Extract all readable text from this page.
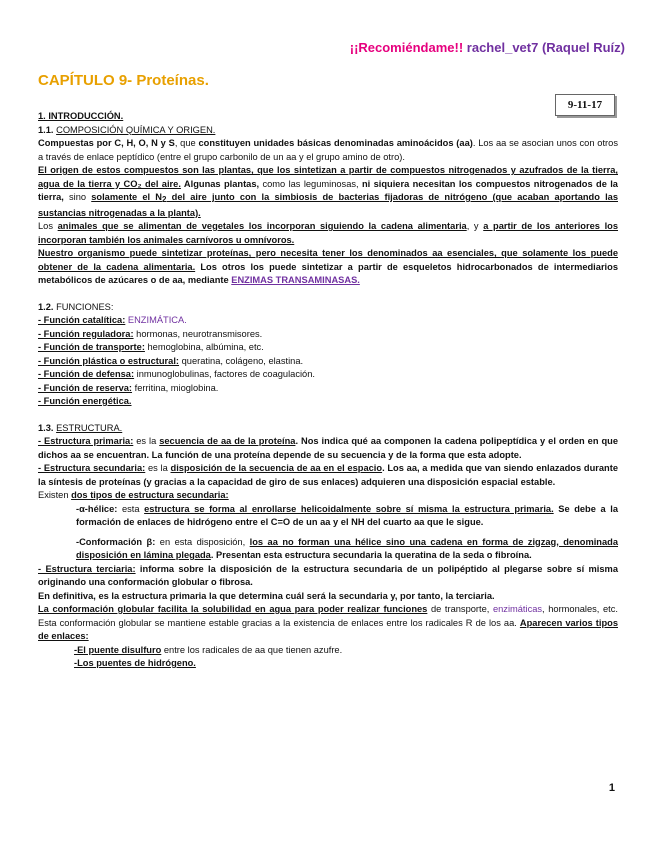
¡¡Recomiéndame!! rachel_vet7 (Raquel Ruíz)
CAPÍTULO 9- Proteínas.
9-11-17

1. INTRODUCCIÓN.

1.1. COMPOSICIÓN QUÍMICA Y ORIGEN.

Compuestas por C, H, O, N y S, que constituyen unidades básicas denominadas aminoácidos (aa). Los aa se asocian unos con otros a través de enlace peptídico (entre el grupo carbonilo de un aa y el grupo amino de otro).

El origen de estos compuestos son las plantas, que los sintetizan a partir de compuestos nitrogenados y azufrados de la tierra, agua de la tierra y CO₂ del aire. Algunas plantas, como las leguminosas, ni siquiera necesitan los compuestos nitrogenados de la tierra, sino solamente el N2 del aire junto con la simbiosis de bacterias fijadoras de nitrógeno (que acaban aportando las sustancias nitrogenadas a la planta).

Los animales que se alimentan de vegetales los incorporan siguiendo la cadena alimentaria, y a partir de los anteriores los incorporan también los animales carnívoros u omnívoros.

Nuestro organismo puede sintetizar proteínas, pero necesita tener los denominados aa esenciales, que solamente los puede obtener de la cadena alimentaria. Los otros los puede sintetizar a partir de esqueletos hidrocarbonados de intermediarios metabólicos de azúcares o de aa, mediante ENZIMAS TRANSAMINASAS.

1.2. FUNCIONES:

- Función catalítica: ENZIMÁTICA.

- Función reguladora: hormonas, neurotransmisores.

- Función de transporte: hemoglobina, albúmina, etc.

- Función plástica o estructural: queratina, colágeno, elastina.

- Función de defensa: inmunoglobulinas, factores de coagulación.

- Función de reserva: ferritina, mioglobina.

- Función energética.

1.3. ESTRUCTURA.

- Estructura primaria: es la secuencia de aa de la proteína. Nos indica qué aa componen la cadena polipeptídica y el orden en que dichos aa se encuentran. La función de una proteína depende de su secuencia y de la forma que esta adopte.

- Estructura secundaria: es la disposición de la secuencia de aa en el espacio. Los aa, a medida que van siendo enlazados durante la síntesis de proteínas (y gracias a la capacidad de giro de sus enlaces) adquieren una disposición espacial estable.

Existen dos tipos de estructura secundaria:

-α-hélice: esta estructura se forma al enrollarse helicoidalmente sobre sí misma la estructura primaria. Se debe a la formación de enlaces de hidrógeno entre el C=O de un aa y el NH del cuarto aa que le sigue.

-Conformación β: en esta disposición, los aa no forman una hélice sino una cadena en forma de zigzag, denominada disposición en lámina plegada. Presentan esta estructura secundaria la queratina de la seda o fibroína.

- Estructura terciaria: informa sobre la disposición de la estructura secundaria de un polipéptido al plegarse sobre sí misma originando una conformación globular o fibrosa.

En definitiva, es la estructura primaria la que determina cuál será la secundaria y, por tanto, la terciaria.

La conformación globular facilita la solubilidad en agua para poder realizar funciones de transporte, enzimáticas, hormonales, etc. Esta conformación globular se mantiene estable gracias a la existencia de enlaces entre los radicales R de los aa. Aparecen varios tipos de enlaces:

-El puente disulfuro entre los radicales de aa que tienen azufre.

-Los puentes de hidrógeno.

1
